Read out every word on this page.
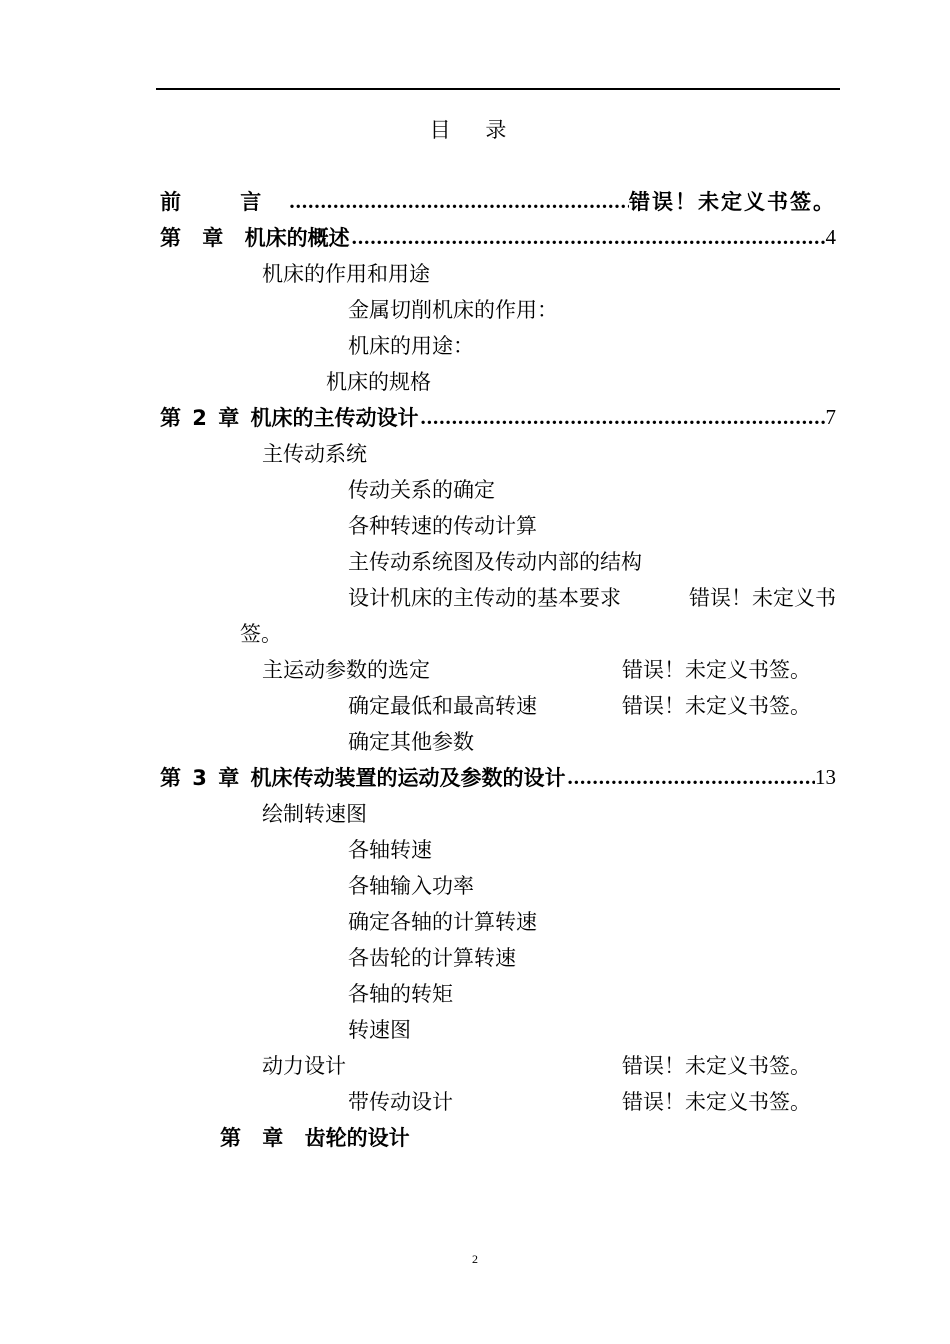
目 录
前 言 .....	错误！未定义书签。
第 章 机床的概述 .....	4
机床的作用和用途
金属切削机床的作用：
机床的用途：
机床的规格
第 2 章 机床的主传动设计 .....	7
主传动系统
传动关系的确定
各种转速的传动计算
主传动系统图及传动内部的结构
设计机床的主传动的基本要求	错误！未定义书
签。
主运动参数的选定	错误！未定义书签。
确定最低和最高转速	错误！未定义书签。
确定其他参数
第 3 章 机床传动装置的运动及参数的设计 .....	13
绘制转速图
各轴转速
各轴输入功率
确定各轴的计算转速
各齿轮的计算转速
各轴的转矩
转速图
动力设计	错误！未定义书签。
带传动设计	错误！未定义书签。
第 章 齿轮的设计
2
